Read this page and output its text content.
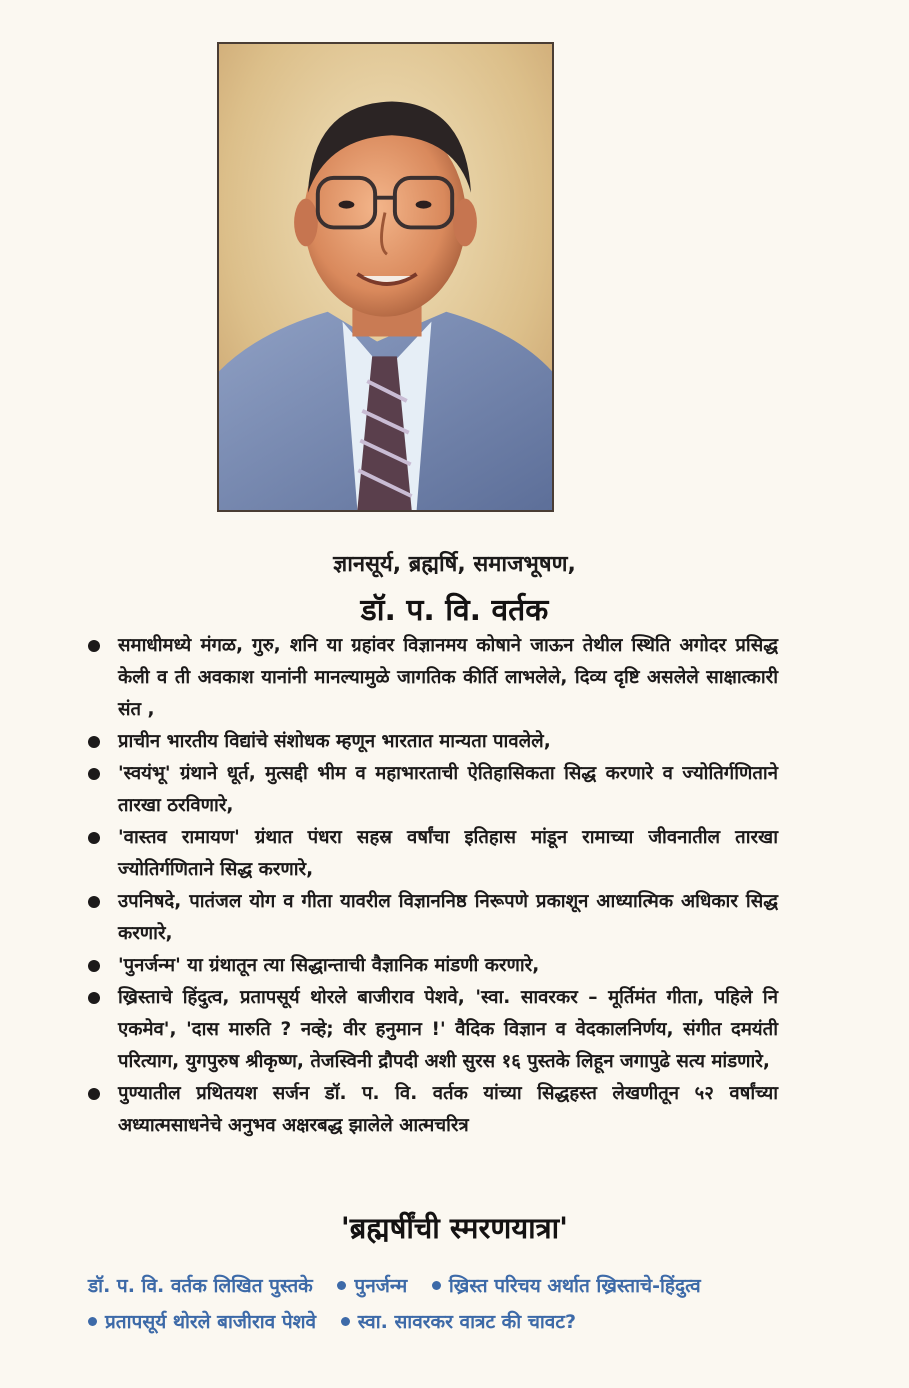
ज्ञानसूर्य, ब्रह्मर्षि, समाजभूषण,
डॉ. प. वि. वर्तक
समाधीमध्ये मंगळ, गुरु, शनि या ग्रहांवर विज्ञानमय कोषाने जाऊन तेथील स्थिति अगोदर प्रसिद्ध केली व ती अवकाश यानांनी मानल्यामुळे जागतिक कीर्ति लाभलेले, दिव्य दृष्टि असलेले साक्षात्कारी संत ,
प्राचीन भारतीय विद्यांचे संशोधक म्हणून भारतात मान्यता पावलेले,
'स्वयंभू' ग्रंथाने धूर्त, मुत्सद्दी भीम व महाभारताची ऐतिहासिकता सिद्ध करणारे व ज्योतिर्गणिताने तारखा ठरविणारे,
'वास्तव रामायण' ग्रंथात पंधरा सहस्र वर्षांचा इतिहास मांडून रामाच्या जीवनातील तारखा ज्योतिर्गणिताने सिद्ध करणारे,
उपनिषदे, पातंजल योग व गीता यावरील विज्ञाननिष्ठ निरूपणे प्रकाशून आध्यात्मिक अधिकार सिद्ध करणारे,
'पुनर्जन्म' या ग्रंथातून त्या सिद्धान्ताची वैज्ञानिक मांडणी करणारे,
ख्रिस्ताचे हिंदुत्व, प्रतापसूर्य थोरले बाजीराव पेशवे, 'स्वा. सावरकर – मूर्तिमंत गीता, पहिले नि एकमेव', 'दास मारुति ? नव्हे; वीर हनुमान !' वैदिक विज्ञान व वेदकालनिर्णय, संगीत दमयंती परित्याग, युगपुरुष श्रीकृष्ण, तेजस्विनी द्रौपदी अशी सुरस १६ पुस्तके लिहून जगापुढे सत्य मांडणारे,
पुण्यातील प्रथितयश सर्जन डॉ. प. वि. वर्तक यांच्या सिद्धहस्त लेखणीतून ५२ वर्षांच्या अध्यात्मसाधनेचे अनुभव अक्षरबद्ध झालेले आत्मचरित्र
'ब्रह्मर्षींची स्मरणयात्रा'
डॉ. प. वि. वर्तक लिखित पुस्तके पुनर्जन्म ख्रिस्त परिचय अर्थात ख्रिस्ताचे-हिंदुत्व
प्रतापसूर्य थोरले बाजीराव पेशवे स्वा. सावरकर वात्रट की चावट?
